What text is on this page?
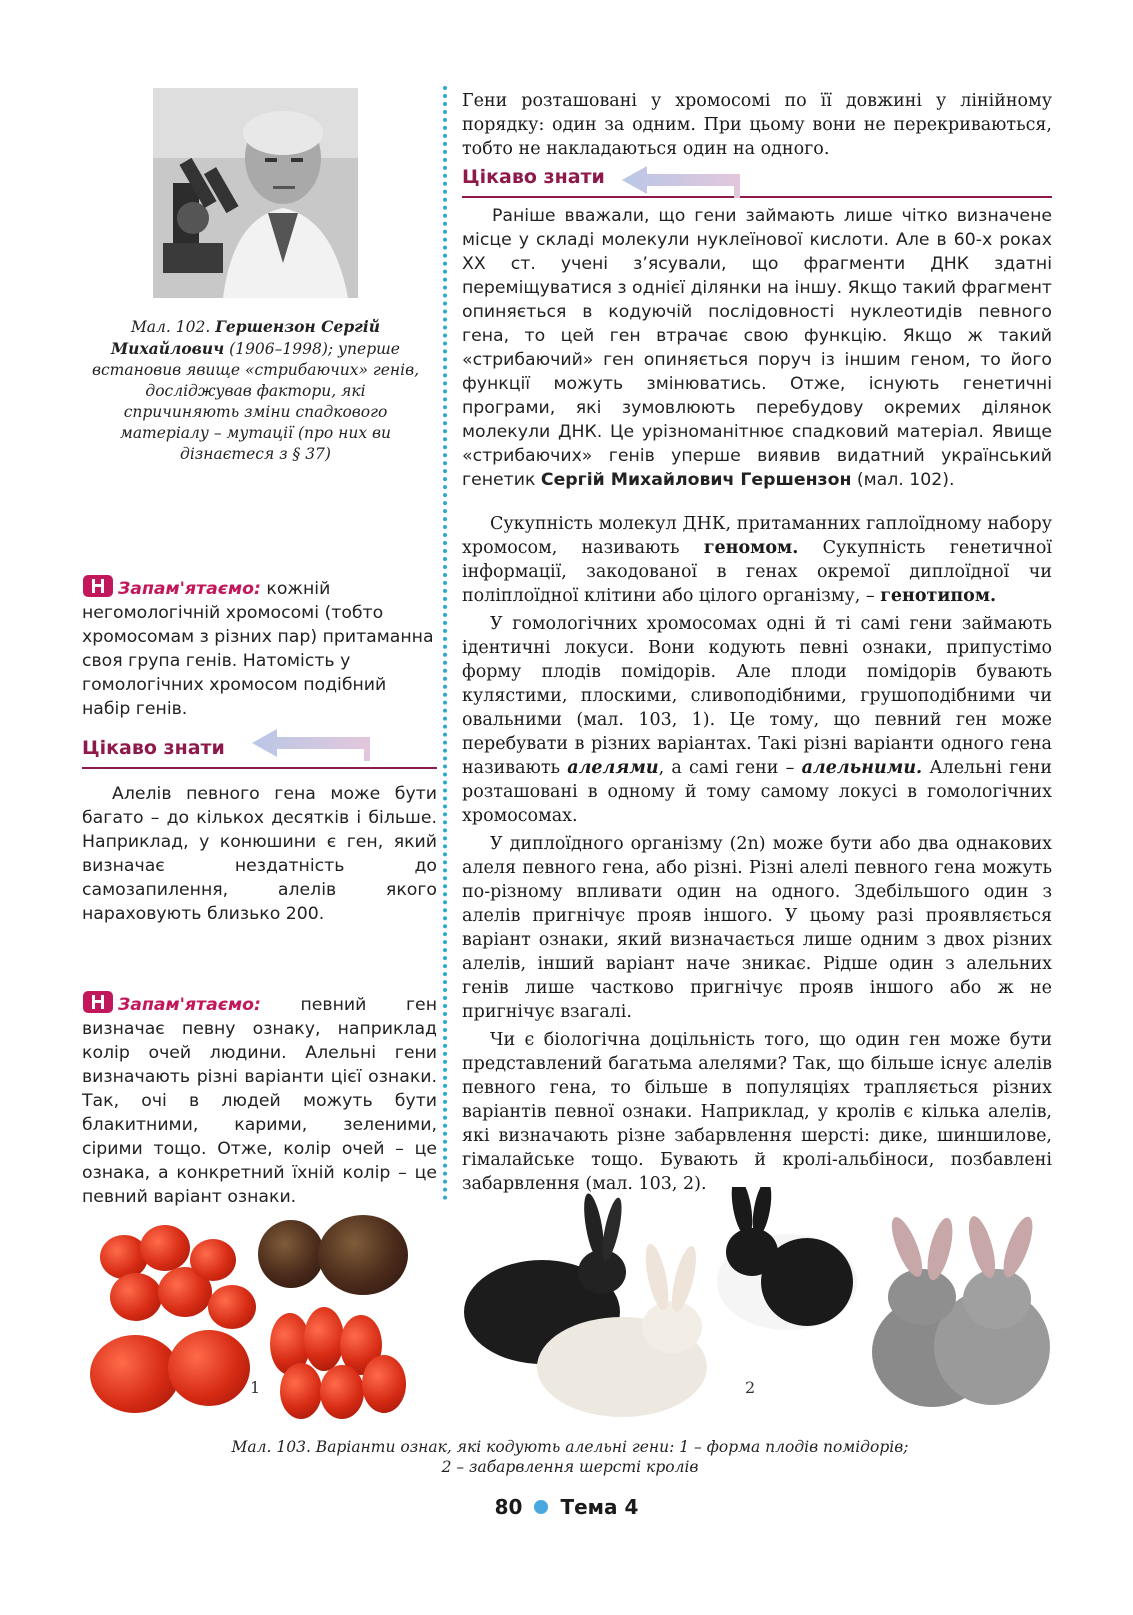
Мал. 102. Гершензон Сергій Михайлович (1906–1998); уперше встановив явище «стрибаючих» генів, досліджував фактори, які спричиняють зміни спадкового матеріалу – мутації (про них ви дізнаєтеся з § 37)
Запам'ятаємо: кожній негомологічній хромосомі (тобто хромосомам з різних пар) притаманна своя група генів. Натомість у гомологічних хромосом подібний набір генів.
Цікаво знати
Алелів певного гена може бути багато – до кількох десятків і більше. Наприклад, у конюшини є ген, який визначає нездатність до самозапилення, алелів якого нараховують близько 200.
Запам'ятаємо: певний ген визначає певну ознаку, наприклад колір очей людини. Алельні гени визначають різні варіанти цієї ознаки. Так, очі в людей можуть бути блакитними, карими, зеленими, сірими тощо. Отже, колір очей – це ознака, а конкретний їхній колір – це певний варіант ознаки.
Гени розташовані у хромосомі по її довжині у лінійному порядку: один за одним. При цьому вони не перекриваються, тобто не накладаються один на одного.
Цікаво знати
Раніше вважали, що гени займають лише чітко визначене місце у складі молекули нуклеїнової кислоти. Але в 60-х роках XX ст. учені з’ясували, що фрагменти ДНК здатні переміщуватися з однієї ділянки на іншу. Якщо такий фрагмент опиняється в кодуючій послідовності нуклеотидів певного гена, то цей ген втрачає свою функцію. Якщо ж такий «стрибаючий» ген опиняється поруч із іншим геном, то його функції можуть змінюватись. Отже, існують генетичні програми, які зумовлюють перебудову окремих ділянок молекули ДНК. Це урізноманітнює спадковий матеріал. Явище «стрибаючих» генів уперше виявив видатний український генетик Сергій Михайлович Гершензон (мал. 102).

Сукупність молекул ДНК, притаманних гаплоїдному набору хромосом, називають геномом. Сукупність генетичної інформації, закодованої в генах окремої диплоїдної чи поліплоїдної клітини або цілого організму, – генотипом.

У гомологічних хромосомах одні й ті самі гени займають ідентичні локуси. Вони кодують певні ознаки, припустімо форму плодів помідорів. Але плоди помідорів бувають кулястими, плоскими, сливоподібними, грушоподібними чи овальними (мал. 103, 1). Це тому, що певний ген може перебувати в різних варіантах. Такі різні варіанти одного гена називають алелями, а самі гени – алельними. Алельні гени розташовані в одному й тому самому локусі в гомологічних хромосомах.

У диплоїдного організму (2n) може бути або два однакових алеля певного гена, або різні. Різні алелі певного гена можуть по-різному впливати один на одного. Здебільшого один з алелів пригнічує прояв іншого. У цьому разі проявляється варіант ознаки, який визначається лише одним з двох різних алелів, інший варіант наче зникає. Рідше один з алельних генів лише частково пригнічує прояв іншого або ж не пригнічує взагалі.

Чи є біологічна доцільність того, що один ген може бути представлений багатьма алелями? Так, що більше існує алелів певного гена, то більше в популяціях трапляється різних варіантів певної ознаки. Наприклад, у кролів є кілька алелів, які визначають різне забарвлення шерсті: дике, шиншилове, гімалайське тощо. Бувають й кролі-альбіноси, позбавлені забарвлення (мал. 103, 2).

1	2
Мал. 103. Варіанти ознак, які кодують алельні гени: 1 – форма плодів помідорів;
2 – забарвлення шерсті кролів
80 Тема 4
